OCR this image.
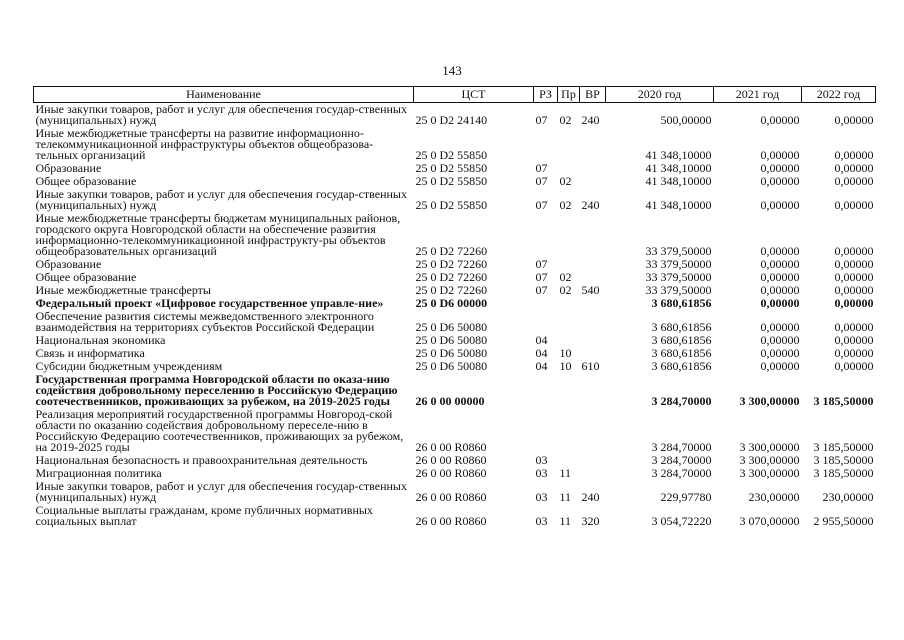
143
Наименование	ЦСТ	РЗ	Пр	ВР	2020 год	2021 год	2022 год
Иные закупки товаров, работ и услуг для обеспечения государ-ственных (муниципальных) нужд	25 0 D2 24140	07	02	240	500,00000	0,00000	0,00000
Иные межбюджетные трансферты на развитие информационно-телекоммуникационной инфраструктуры объектов общеобразова-тельных организаций	25 0 D2 55850				41 348,10000	0,00000	0,00000
Образование	25 0 D2 55850	07			41 348,10000	0,00000	0,00000
Общее образование	25 0 D2 55850	07	02		41 348,10000	0,00000	0,00000
Иные закупки товаров, работ и услуг для обеспечения государ-ственных (муниципальных) нужд	25 0 D2 55850	07	02	240	41 348,10000	0,00000	0,00000
Иные межбюджетные трансферты бюджетам муниципальных районов, городского округа Новгородской области на обеспечение развития информационно-телекоммуникационной инфраструкту-ры объектов общеобразовательных организаций	25 0 D2 72260				33 379,50000	0,00000	0,00000
Образование	25 0 D2 72260	07			33 379,50000	0,00000	0,00000
Общее образование	25 0 D2 72260	07	02		33 379,50000	0,00000	0,00000
Иные межбюджетные трансферты	25 0 D2 72260	07	02	540	33 379,50000	0,00000	0,00000
Федеральный проект «Цифровое государственное управле-ние»	25 0 D6 00000				3 680,61856	0,00000	0,00000
Обеспечение развития системы межведомственного электронного взаимодействия на территориях субъектов Российской Федерации	25 0 D6 50080				3 680,61856	0,00000	0,00000
Национальная экономика	25 0 D6 50080	04			3 680,61856	0,00000	0,00000
Связь и информатика	25 0 D6 50080	04	10		3 680,61856	0,00000	0,00000
Субсидии бюджетным учреждениям	25 0 D6 50080	04	10	610	3 680,61856	0,00000	0,00000
Государственная программа Новгородской области по оказа-нию содействия добровольному переселению в Российскую Федерацию соотечественников, проживающих за рубежом, на 2019-2025 годы	26 0 00 00000				3 284,70000	3 300,00000	3 185,50000
Реализация мероприятий государственной программы Новгород-ской области по оказанию содействия добровольному переселе-нию в Российскую Федерацию соотечественников, проживающих за рубежом, на 2019-2025 годы	26 0 00 R0860				3 284,70000	3 300,00000	3 185,50000
Национальная безопасность и правоохранительная деятельность	26 0 00 R0860	03			3 284,70000	3 300,00000	3 185,50000
Миграционная политика	26 0 00 R0860	03	11		3 284,70000	3 300,00000	3 185,50000
Иные закупки товаров, работ и услуг для обеспечения государ-ственных (муниципальных) нужд	26 0 00 R0860	03	11	240	229,97780	230,00000	230,00000
Социальные выплаты гражданам, кроме публичных нормативных социальных выплат	26 0 00 R0860	03	11	320	3 054,72220	3 070,00000	2 955,50000
